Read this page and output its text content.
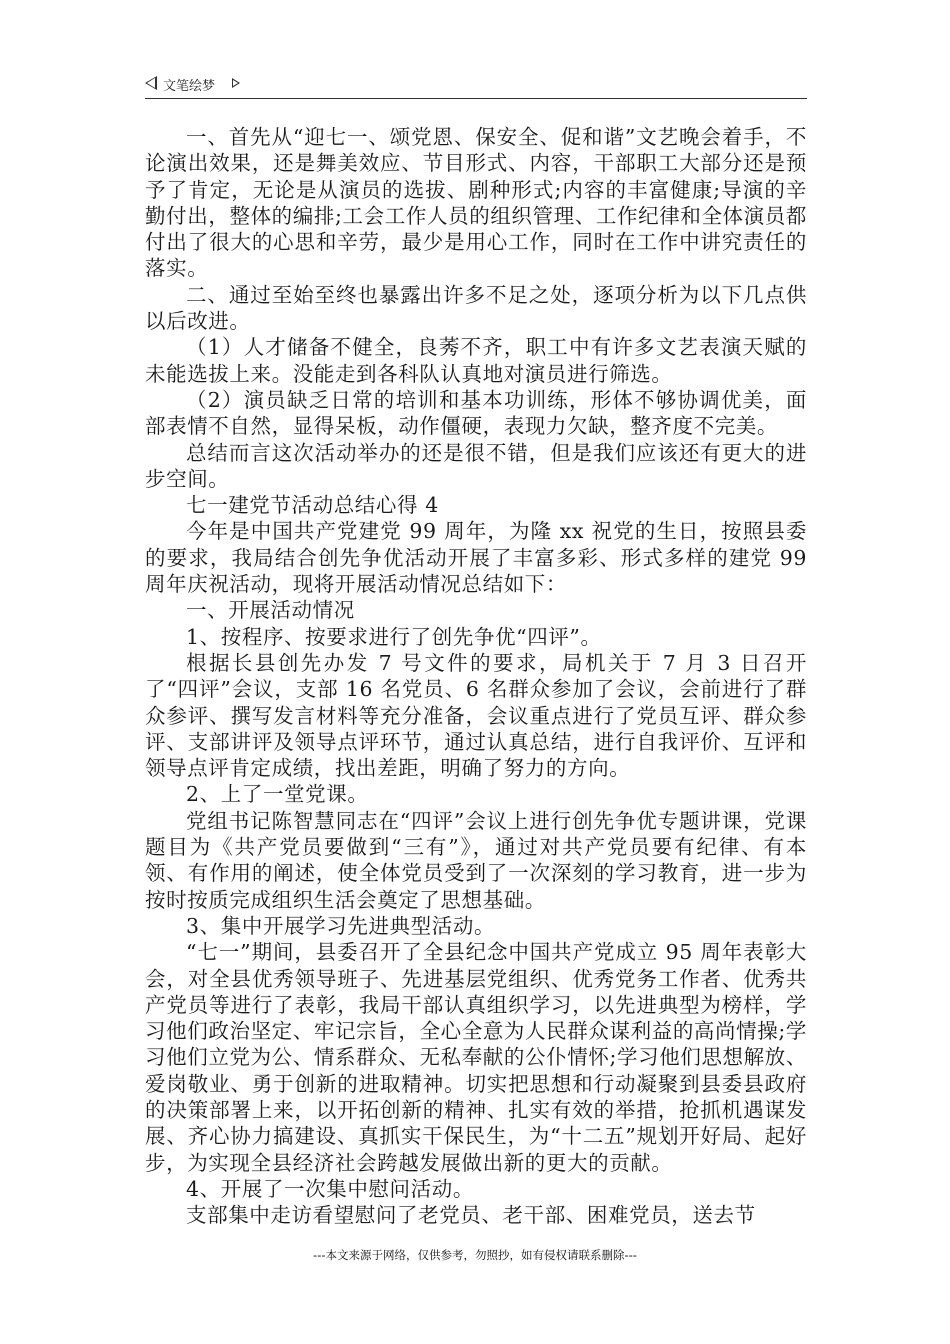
文笔绘梦

一、首先从“迎七一、颂党恩、保安全、促和谐”文艺晚会着手，不论演出效果，还是舞美效应、节目形式、内容，干部职工大部分还是预予了肯定，无论是从演员的选拔、剧种形式;内容的丰富健康;导演的辛勤付出，整体的编排;工会工作人员的组织管理、工作纪律和全体演员都付出了很大的心思和辛劳，最少是用心工作，同时在工作中讲究责任的落实。

二、通过至始至终也暴露出许多不足之处，逐项分析为以下几点供以后改进。

（1）人才储备不健全，良莠不齐，职工中有许多文艺表演天赋的未能选拔上来。没能走到各科队认真地对演员进行筛选。

（2）演员缺乏日常的培训和基本功训练，形体不够协调优美，面部表情不自然，显得呆板，动作僵硬，表现力欠缺，整齐度不完美。

总结而言这次活动举办的还是很不错，但是我们应该还有更大的进步空间。

七一建党节活动总结心得 4

今年是中国共产党建党 99 周年，为隆 xx 祝党的生日，按照县委的要求，我局结合创先争优活动开展了丰富多彩、形式多样的建党 99 周年庆祝活动，现将开展活动情况总结如下：

一、开展活动情况

1、按程序、按要求进行了创先争优“四评”。

根据长县创先办发 7 号文件的要求，局机关于 7 月 3 日召开了“四评”会议，支部 16 名党员、6 名群众参加了会议，会前进行了群众参评、撰写发言材料等充分准备，会议重点进行了党员互评、群众参评、支部讲评及领导点评环节，通过认真总结，进行自我评价、互评和领导点评肯定成绩，找出差距，明确了努力的方向。

2、上了一堂党课。

党组书记陈智慧同志在“四评”会议上进行创先争优专题讲课，党课题目为《共产党员要做到“三有”》，通过对共产党员要有纪律、有本领、有作用的阐述，使全体党员受到了一次深刻的学习教育，进一步为按时按质完成组织生活会奠定了思想基础。

3、集中开展学习先进典型活动。

“七一”期间，县委召开了全县纪念中国共产党成立 95 周年表彰大会，对全县优秀领导班子、先进基层党组织、优秀党务工作者、优秀共产党员等进行了表彰，我局干部认真组织学习，以先进典型为榜样，学习他们政治坚定、牢记宗旨，全心全意为人民群众谋利益的高尚情操;学习他们立党为公、情系群众、无私奉献的公仆情怀;学习他们思想解放、爱岗敬业、勇于创新的进取精神。切实把思想和行动凝聚到县委县政府的决策部署上来，以开拓创新的精神、扎实有效的举措，抢抓机遇谋发展、齐心协力搞建设、真抓实干保民生，为“十二五”规划开好局、起好步，为实现全县经济社会跨越发展做出新的更大的贡献。

4、开展了一次集中慰问活动。

支部集中走访看望慰问了老党员、老干部、困难党员，送去节

---本文来源于网络，仅供参考，勿照抄，如有侵权请联系删除---
